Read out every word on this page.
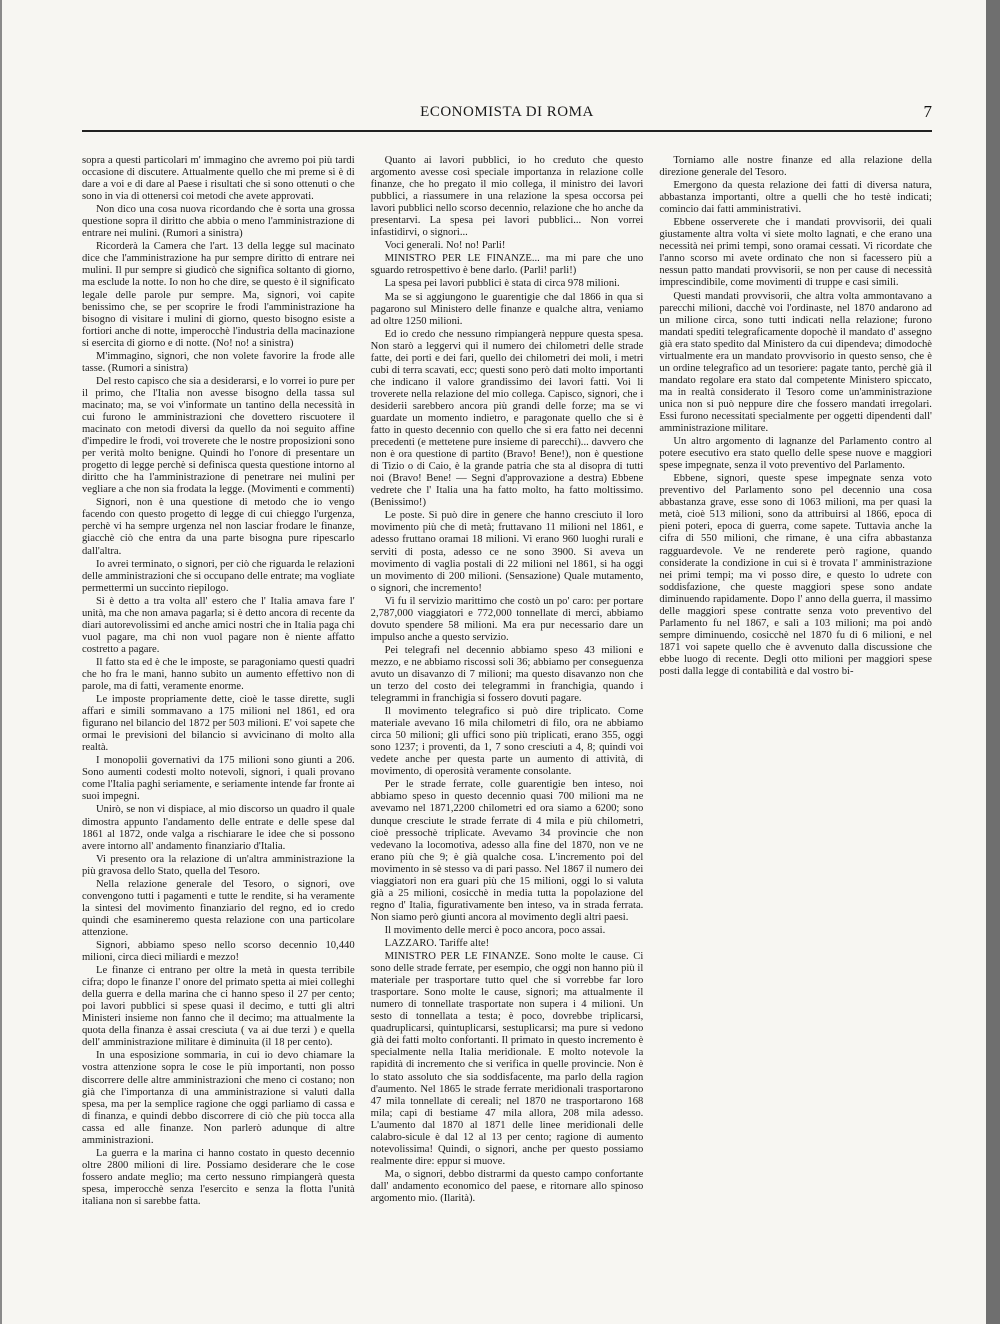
ECONOMISTA DI ROMA	7

sopra a questi particolari m' immagino che avremo poi più tardi occasione di discutere. Attualmente quello che mi preme si è di dare a voi e di dare al Paese i risultati che si sono ottenuti o che sono in via di ottenersi coi metodi che avete approvati.

Non dico una cosa nuova ricordando che è sorta una grossa questione sopra il diritto che abbia o meno l'amministrazione di entrare nei mulini. (Rumori a sinistra)

Ricorderà la Camera che l'art. 13 della legge sul macinato dice che l'amministrazione ha pur sempre diritto di entrare nei mulini. Il pur sempre si giudicò che significa soltanto di giorno, ma esclude la notte. Io non ho che dire, se questo è il significato legale delle parole pur sempre. Ma, signori, voi capite benissimo che, se per scoprire le frodi l'amministrazione ha bisogno di visitare i mulini di giorno, questo bisogno esiste a fortiori anche di notte, imperocchè l'industria della macinazione si esercita di giorno e di notte. (No! no! a sinistra)

M'immagino, signori, che non volete favorire la frode alle tasse. (Rumori a sinistra)

Del resto capisco che sia a desiderarsi, e lo vorrei io pure per il primo, che l'Italia non avesse bisogno della tassa sul macinato; ma, se voi v'informate un tantino della necessità in cui furono le amministrazioni che dovettero riscuotere il macinato con metodi diversi da quello da noi seguito affine d'impedire le frodi, voi troverete che le nostre proposizioni sono per verità molto benigne. Quindi ho l'onore di presentare un progetto di legge perchè si definisca questa questione intorno al diritto che ha l'amministrazione di penetrare nei mulini per vegliare a che non sia frodata la legge. (Movimenti e commenti)

Signori, non è una questione di metodo che io vengo facendo con questo progetto di legge di cui chieggo l'urgenza, perchè vi ha sempre urgenza nel non lasciar frodare le finanze, giacchè ciò che entra da una parte bisogna pure ripescarlo dall'altra.

Io avrei terminato, o signori, per ciò che riguarda le relazioni delle amministrazioni che si occupano delle entrate; ma vogliate permettermi un succinto riepilogo.

Si è detto a tra volta all' estero che l' Italia amava fare l' unità, ma che non amava pagarla; si è detto ancora di recente da diari autorevolissimi ed anche amici nostri che in Italia paga chi vuol pagare, ma chi non vuol pagare non è niente affatto costretto a pagare.

Il fatto sta ed è che le imposte, se paragoniamo questi quadri che ho fra le mani, hanno subito un aumento effettivo non di parole, ma di fatti, veramente enorme.

Le imposte propriamente dette, cioè le tasse dirette, sugli affari e simili sommavano a 175 milioni nel 1861, ed ora figurano nel bilancio del 1872 per 503 milioni. E' voi sapete che ormai le previsioni del bilancio si avvicinano di molto alla realtà.

I monopolii governativi da 175 milioni sono giunti a 206. Sono aumenti codesti molto notevoli, signori, i quali provano come l'Italia paghi seriamente, e seriamente intende far fronte ai suoi impegni.

Unirò, se non vi dispiace, al mio discorso un quadro il quale dimostra appunto l'andamento delle entrate e delle spese dal 1861 al 1872, onde valga a rischiarare le idee che si possono avere intorno all' andamento finanziario d'Italia.

Vi presento ora la relazione di un'altra amministrazione la più gravosa dello Stato, quella del Tesoro.

Nella relazione generale del Tesoro, o signori, ove convengono tutti i pagamenti e tutte le rendite, si ha veramente la sintesi del movimento finanziario del regno, ed io credo quindi che esamineremo questa relazione con una particolare attenzione.

Signori, abbiamo speso nello scorso decennio 10,440 milioni, circa dieci miliardi e mezzo!

Le finanze ci entrano per oltre la metà in questa terribile cifra; dopo le finanze l' onore del primato spetta ai miei colleghi della guerra e della marina che ci hanno speso il 27 per cento; poi lavori pubblici si spese quasi il decimo, e tutti gli altri Ministeri insieme non fanno che il decimo; ma attualmente la quota della finanza è assai cresciuta ( va ai due terzi ) e quella dell' amministrazione militare è diminuita (il 18 per cento).

In una esposizione sommaria, in cui io devo chiamare la vostra attenzione sopra le cose le più importanti, non posso discorrere delle altre amministrazioni che meno ci costano; non già che l'importanza di una amministrazione si valuti dalla spesa, ma per la semplice ragione che oggi parliamo di cassa e di finanza, e quindi debbo discorrere di ciò che più tocca alla cassa ed alle finanze. Non parlerò adunque di altre amministrazioni.

La guerra e la marina ci hanno costato in questo decennio oltre 2800 milioni di lire. Possiamo desiderare che le cose fossero andate meglio; ma certo nessuno rimpiangerà questa spesa, imperocchè senza l'esercito e senza la flotta l'unità italiana non si sarebbe fatta.

Quanto ai lavori pubblici, io ho creduto che questo argomento avesse così speciale importanza in relazione colle finanze, che ho pregato il mio collega, il ministro dei lavori pubblici, a riassumere in una relazione la spesa occorsa pei lavori pubblici nello scorso decennio, relazione che ho anche da presentarvi. La spesa pei lavori pubblici... Non vorrei infastidirvi, o signori...

Voci generali. No! no! Parli!

MINISTRO PER LE FINANZE... ma mi pare che uno sguardo retrospettivo è bene darlo. (Parli! parli!)

La spesa pei lavori pubblici è stata di circa 978 milioni.

Ma se si aggiungono le guarentigie che dal 1866 in qua si pagarono sul Ministero delle finanze e qualche altra, veniamo ad oltre 1250 milioni.

Ed io credo che nessuno rimpiangerà neppure questa spesa. Non starò a leggervi qui il numero dei chilometri delle strade fatte, dei porti e dei fari, quello dei chilometri dei moli, i metri cubi di terra scavati, ecc; questi sono però dati molto importanti che indicano il valore grandissimo dei lavori fatti. Voi li troverete nella relazione del mio collega. Capisco, signori, che i desiderii sarebbero ancora più grandi delle forze; ma se vi guardate un momento indietro, e paragonate quello che si è fatto in questo decennio con quello che si era fatto nei decenni precedenti (e mettetene pure insieme di parecchi)... davvero che non è ora questione di partito (Bravo! Bene!), non è questione di Tizio o di Caio, è la grande patria che sta al disopra di tutti noi (Bravo! Bene! — Segni d'approvazione a destra) Ebbene vedrete che l' Italia una ha fatto molto, ha fatto moltissimo. (Benissimo!)

Le poste. Si può dire in genere che hanno cresciuto il loro movimento più che di metà; fruttavano 11 milioni nel 1861, e adesso fruttano oramai 18 milioni. Vi erano 960 luoghi rurali e serviti di posta, adesso ce ne sono 3900. Si aveva un movimento di vaglia postali di 22 milioni nel 1861, si ha oggi un movimento di 200 milioni. (Sensazione) Quale mutamento, o signori, che incremento!

Vi fu il servizio marittimo che costò un po' caro: per portare 2,787,000 viaggiatori e 772,000 tonnellate di merci, abbiamo dovuto spendere 58 milioni. Ma era pur necessario dare un impulso anche a questo servizio.

Pei telegrafi nel decennio abbiamo speso 43 milioni e mezzo, e ne abbiamo riscossi soli 36; abbiamo per conseguenza avuto un disavanzo di 7 milioni; ma questo disavanzo non che un terzo del costo dei telegrammi in franchigia, quando i telegrammi in franchigia si fossero dovuti pagare.

Il movimento telegrafico si può dire triplicato. Come materiale avevano 16 mila chilometri di filo, ora ne abbiamo circa 50 milioni; gli uffici sono più triplicati, erano 355, oggi sono 1237; i proventi, da 1, 7 sono cresciuti a 4, 8; quindi voi vedete anche per questa parte un aumento di attività, di movimento, di operosità veramente consolante.

Per le strade ferrate, colle guarentigie ben inteso, noi abbiamo speso in questo decennio quasi 700 milioni ma ne avevamo nel 1871,2200 chilometri ed ora siamo a 6200; sono dunque cresciute le strade ferrate di 4 mila e più chilometri, cioè pressochè triplicate. Avevamo 34 provincie che non vedevano la locomotiva, adesso alla fine del 1870, non ve ne erano più che 9; è già qualche cosa. L'incremento poi del movimento in sè stesso va di pari passo. Nel 1867 il numero dei viaggiatori non era guari più che 15 milioni, oggi lo si valuta già a 25 milioni, cosicchè in media tutta la popolazione del regno d' Italia, figurativamente ben inteso, va in strada ferrata. Non siamo però giunti ancora al movimento degli altri paesi.

Il movimento delle merci è poco ancora, poco assai.

LAZZARO. Tariffe alte!

MINISTRO PER LE FINANZE. Sono molte le cause. Ci sono delle strade ferrate, per esempio, che oggi non hanno più il materiale per trasportare tutto quel che si vorrebbe far loro trasportare. Sono molte le cause, signori; ma attualmente il numero di tonnellate trasportate non supera i 4 milioni. Un sesto di tonnellata a testa; è poco, dovrebbe triplicarsi, quadruplicarsi, quintuplicarsi, sestuplicarsi; ma pure si vedono già dei fatti molto confortanti. Il primato in questo incremento è specialmente nella Italia meridionale. E molto notevole la rapidità di incremento che si verifica in quelle provincie. Non è lo stato assoluto che sia soddisfacente, ma parlo della ragion d'aumento. Nel 1865 le strade ferrate meridionali trasportarono 47 mila tonnellate di cereali; nel 1870 ne trasportarono 168 mila; capi di bestiame 47 mila allora, 208 mila adesso. L'aumento dal 1870 al 1871 delle linee meridionali delle calabro-sicule è dal 12 al 13 per cento; ragione di aumento notevolissima! Quindi, o signori, anche per questo possiamo realmente dire: eppur si muove.

Ma, o signori, debbo distrarmi da questo campo confortante dall' andamento economico del paese, e ritornare allo spinoso argomento mio. (Ilarità).

Torniamo alle nostre finanze ed alla relazione della direzione generale del Tesoro.

Emergono da questa relazione dei fatti di diversa natura, abbastanza importanti, oltre a quelli che ho testè indicati; comincio dai fatti amministrativi.

Ebbene osserverete che i mandati provvisorii, dei quali giustamente altra volta vi siete molto lagnati, e che erano una necessità nei primi tempi, sono oramai cessati. Vi ricordate che l'anno scorso mi avete ordinato che non si facessero più a nessun patto mandati provvisorii, se non per cause di necessità imprescindibile, come movimenti di truppe e casi simili.

Questi mandati provvisorii, che altra volta ammontavano a parecchi milioni, dacchè voi l'ordinaste, nel 1870 andarono ad un milione circa, sono tutti indicati nella relazione; furono mandati spediti telegraficamente dopochè il mandato d' assegno già era stato spedito dal Ministero da cui dipendeva; dimodochè virtualmente era un mandato provvisorio in questo senso, che è un ordine telegrafico ad un tesoriere: pagate tanto, perchè già il mandato regolare era stato dal competente Ministero spiccato, ma in realtà considerato il Tesoro come un'amministrazione unica non si può neppure dire che fossero mandati irregolari. Essi furono necessitati specialmente per oggetti dipendenti dall' amministrazione militare.

Un altro argomento di lagnanze del Parlamento contro al potere esecutivo era stato quello delle spese nuove e maggiori spese impegnate, senza il voto preventivo del Parlamento.

Ebbene, signori, queste spese impegnate senza voto preventivo del Parlamento sono pel decennio una cosa abbastanza grave, esse sono di 1063 milioni, ma per quasi la metà, cioè 513 milioni, sono da attribuirsi al 1866, epoca di pieni poteri, epoca di guerra, come sapete. Tuttavia anche la cifra di 550 milioni, che rimane, è una cifra abbastanza ragguardevole. Ve ne renderete però ragione, quando considerate la condizione in cui si è trovata l' amministrazione nei primi tempi; ma vi posso dire, e questo lo udrete con soddisfazione, che queste maggiori spese sono andate diminuendo rapidamente. Dopo l' anno della guerra, il massimo delle maggiori spese contratte senza voto preventivo del Parlamento fu nel 1867, e salì a 103 milioni; ma poi andò sempre diminuendo, cosicchè nel 1870 fu di 6 milioni, e nel 1871 voi sapete quello che è avvenuto dalla discussione che ebbe luogo di recente. Degli otto milioni per maggiori spese posti dalla legge di contabilità e dal vostro bi-
